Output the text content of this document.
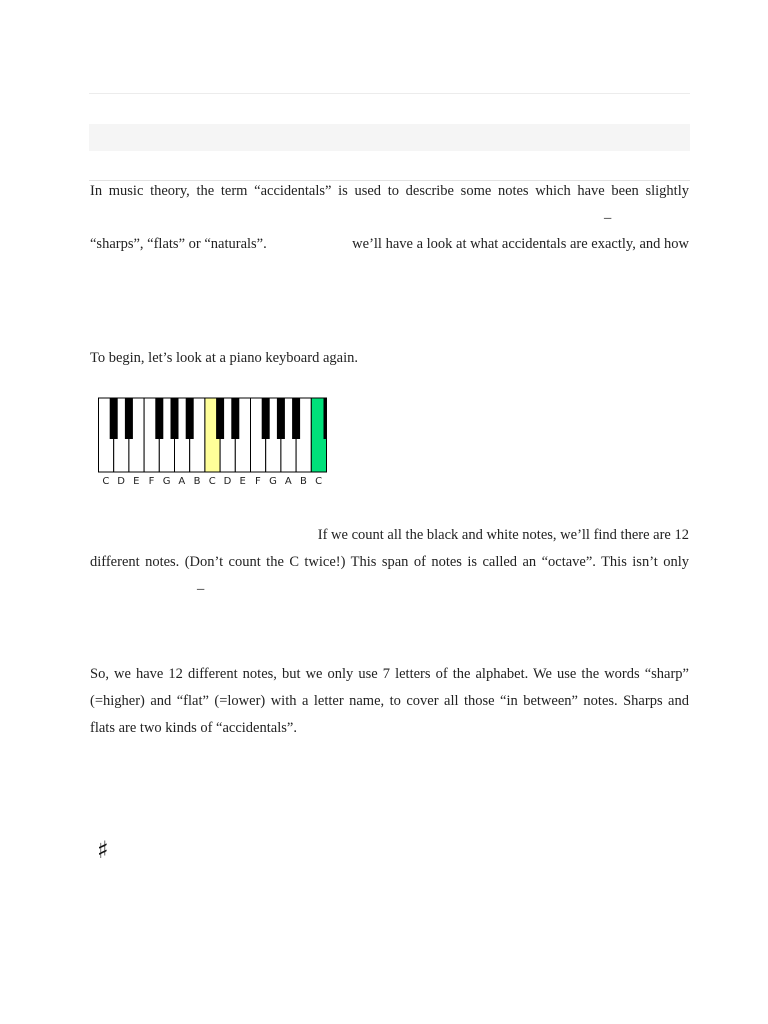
In music theory, the term “accidentals” is used to describe some notes which have been slightly
–
“sharps”, “flats” or “naturals”.	we’ll have a look at what accidentals are exactly, and how
To begin, let’s look at a piano keyboard again.
C D E F G A B C D E F G A B C
If we count all the black and white notes, we’ll find there are 12
different notes. (Don’t count the C twice!) This span of notes is called an “octave”. This isn’t only
–
So, we have 12 different notes, but we only use 7 letters of the alphabet. We use the words “sharp”
(=higher) and “flat” (=lower) with a letter name, to cover all those “in between” notes. Sharps and
flats are two kinds of “accidentals”.
♯
